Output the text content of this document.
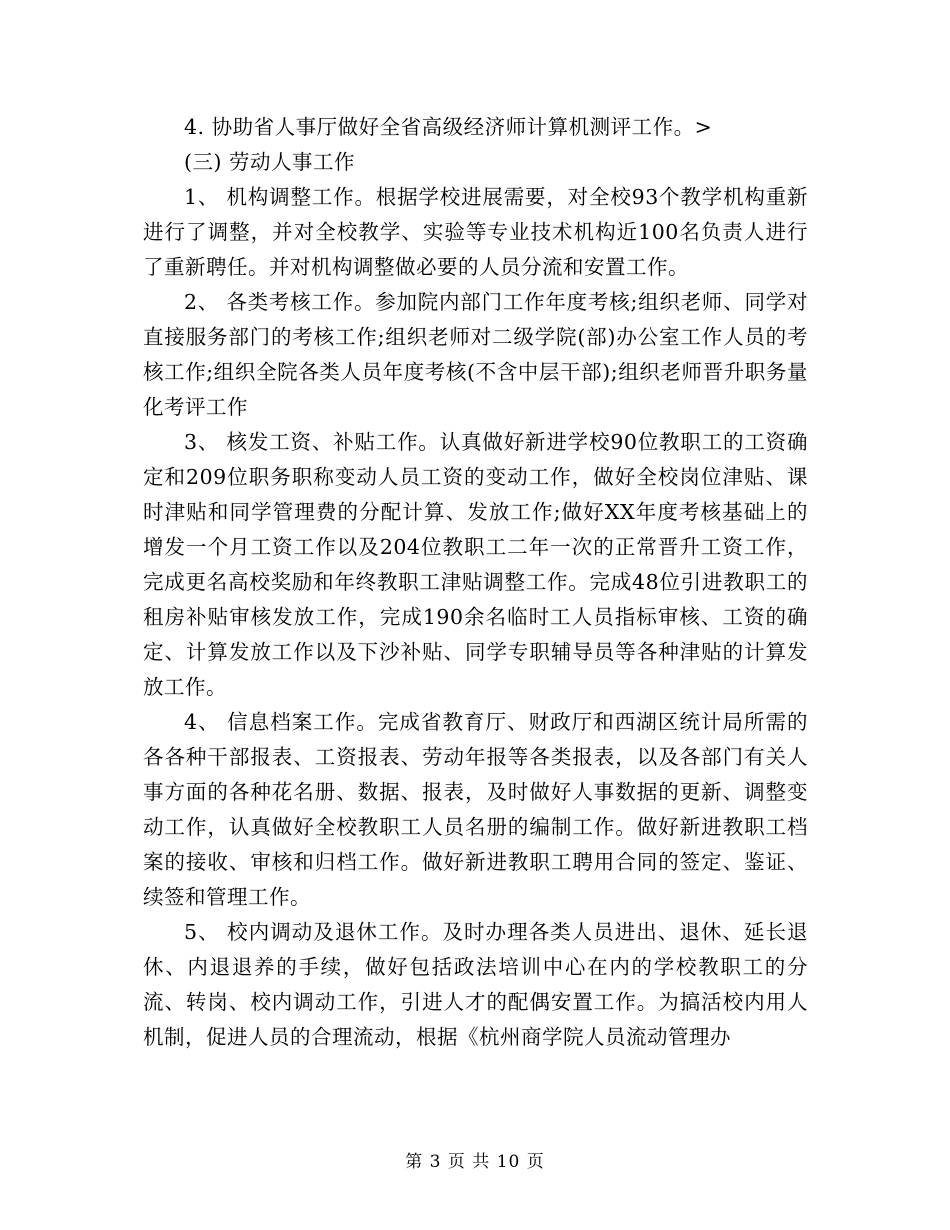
4. 协助省人事厅做好全省高级经济师计算机测评工作。>

(三) 劳动人事工作

1、 机构调整工作。根据学校进展需要，对全校93个教学机构重新进行了调整，并对全校教学、实验等专业技术机构近100名负责人进行了重新聘任。并对机构调整做必要的人员分流和安置工作。

2、 各类考核工作。参加院内部门工作年度考核;组织老师、同学对直接服务部门的考核工作;组织老师对二级学院(部)办公室工作人员的考核工作;组织全院各类人员年度考核(不含中层干部);组织老师晋升职务量化考评工作

3、 核发工资、补贴工作。认真做好新进学校90位教职工的工资确定和209位职务职称变动人员工资的变动工作，做好全校岗位津贴、课时津贴和同学管理费的分配计算、发放工作;做好XX年度考核基础上的增发一个月工资工作以及204位教职工二年一次的正常晋升工资工作，完成更名高校奖励和年终教职工津贴调整工作。完成48位引进教职工的租房补贴审核发放工作，完成190余名临时工人员指标审核、工资的确定、计算发放工作以及下沙补贴、同学专职辅导员等各种津贴的计算发放工作。

4、 信息档案工作。完成省教育厅、财政厅和西湖区统计局所需的各各种干部报表、工资报表、劳动年报等各类报表，以及各部门有关人事方面的各种花名册、数据、报表，及时做好人事数据的更新、调整变动工作，认真做好全校教职工人员名册的编制工作。做好新进教职工档案的接收、审核和归档工作。做好新进教职工聘用合同的签定、鉴证、续签和管理工作。

5、 校内调动及退休工作。及时办理各类人员进出、退休、延长退休、内退退养的手续，做好包括政法培训中心在内的学校教职工的分流、转岗、校内调动工作，引进人才的配偶安置工作。为搞活校内用人机制，促进人员的合理流动，根据《杭州商学院人员流动管理办

第 3 页 共 10 页
